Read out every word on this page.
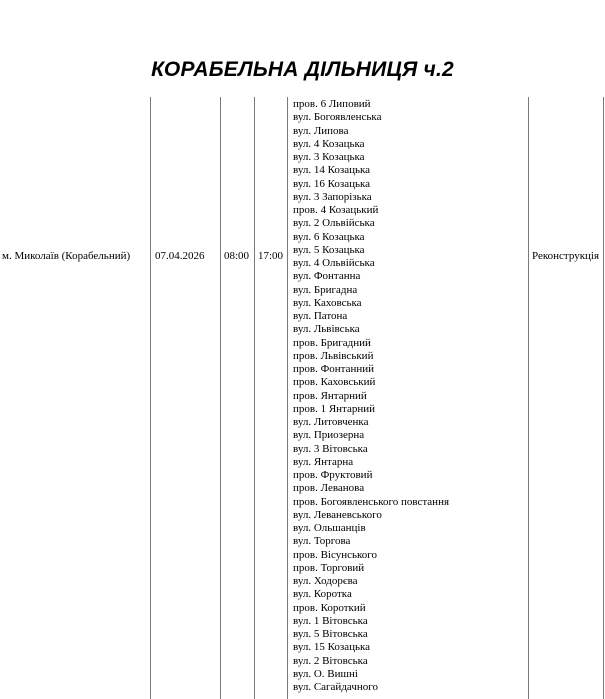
КОРАБЕЛЬНА ДІЛЬНИЦЯ ч.2
м. Миколаїв (Корабельний) 07.04.2026 08:00 17:00	Реконструкція
пров. 6 Липовий
вул. Богоявленська
вул. Липова
вул. 4 Козацька
вул. 3 Козацька
вул. 14 Козацька
вул. 16 Козацька
вул. 3 Запорізька
пров. 4 Козацький
вул. 2 Ольвійська
вул. 6 Козацька
вул. 5 Козацька
вул. 4 Ольвійська
вул. Фонтанна
вул. Бригадна
вул. Каховська
вул. Патона
вул. Львівська
пров. Бригадний
пров. Львівський
пров. Фонтанний
пров. Каховський
пров. Янтарний
пров. 1 Янтарний
вул. Литовченка
вул. Приозерна
вул. 3 Вітовська
вул. Янтарна
пров. Фруктовий
пров. Леванова
пров. Богоявленського повстання
вул. Леваневського
вул. Ольшанців
вул. Торгова
пров. Вісунського
пров. Торговий
вул. Ходорєва
вул. Коротка
пров. Короткий
вул. 1 Вітовська
вул. 5 Вітовська
вул. 15 Козацька
вул. 2 Вітовська
вул. О. Вишні
вул. Сагайдачного
